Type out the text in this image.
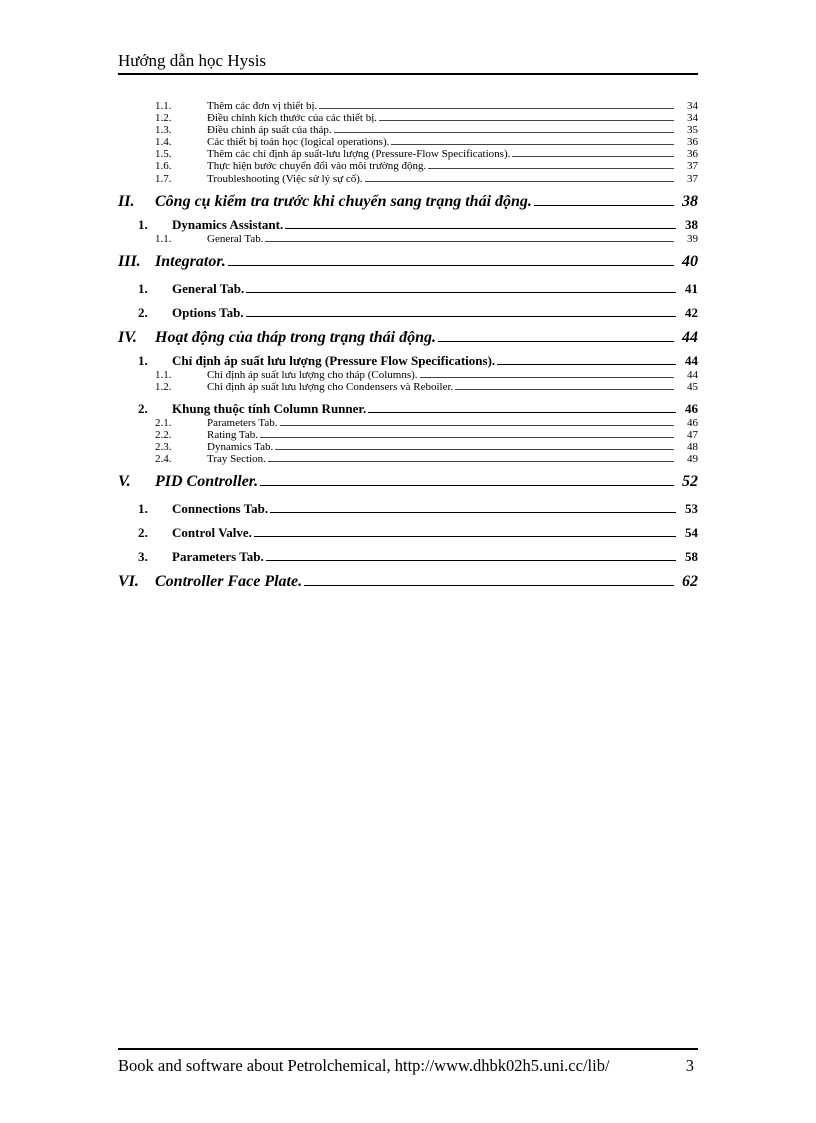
Hướng dẫn học Hysis
1.1.	Thêm các đơn vị thiết bị.	34
1.2.	Điều chỉnh kích thước của các thiết bị.	34
1.3.	Điều chỉnh áp suất của tháp.	35
1.4.	Các thiết bị toán học (logical operations).	36
1.5.	Thêm các chỉ định áp suất-lưu lượng (Pressure-Flow Specifications).	36
1.6.	Thực hiện bước chuyển đổi vào môi trường động.	37
1.7.	Troubleshooting (Việc sử lý sự cố).	37
II.	Công cụ kiểm tra trước khi chuyển sang trạng thái động.	38
1.	Dynamics Assistant.	38
1.1.	General Tab.	39
III. Integrator.	40
1.	General Tab.	41
2.	Options Tab.	42
IV.	Hoạt động của tháp trong trạng thái động.	44
1.	Chỉ định áp suất lưu lượng (Pressure Flow Specifications).	44
1.1.	Chỉ định áp suất lưu lượng cho tháp (Columns).	44
1.2.	Chỉ định áp suất lưu lượng cho Condensers và Reboiler.	45
2.	Khung thuộc tính Column Runner.	46
2.1.	Parameters Tab.	46
2.2.	Rating Tab.	47
2.3.	Dynamics Tab.	48
2.4.	Tray Section.	49
V.	PID Controller.	52
1.	Connections Tab.	53
2.	Control Valve.	54
3.	Parameters Tab.	58
VI.	Controller Face Plate.	62
Book and software about Petrolchemical, http://www.dhbk02h5.uni.cc/lib/	3
